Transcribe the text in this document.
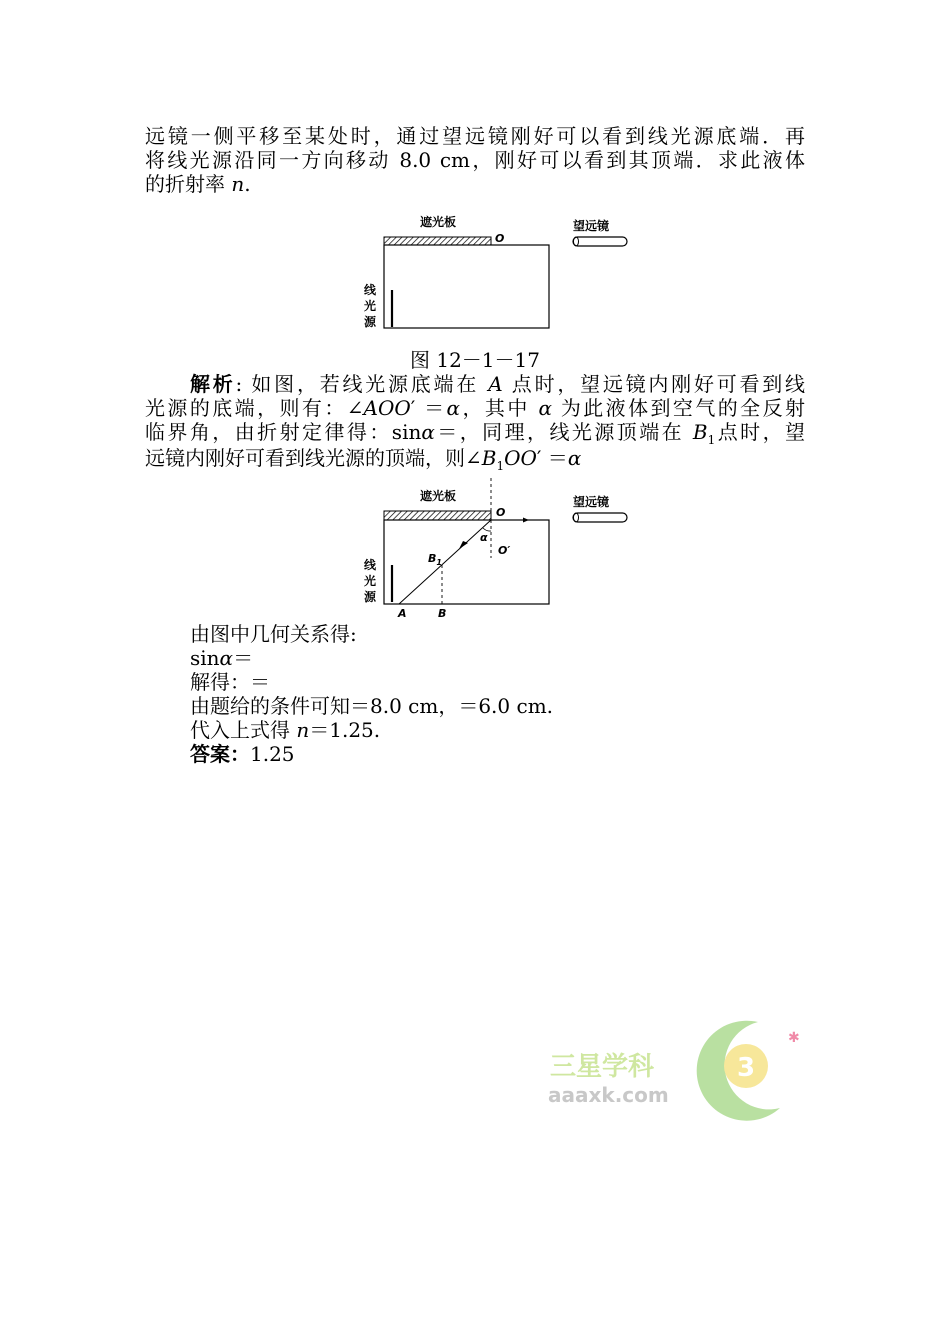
远镜一侧平移至某处时，通过望远镜刚好可以看到线光源底端．再
将线光源沿同一方向移动 8.0 cm，刚好可以看到其顶端．求此液体
的折射率 n.
遮光板
O
望远镜
线
光
源
图 12－1－17
解析: 如图，若线光源底端在 A 点时，望远镜内刚好可看到线
光源的底端，则有：∠AOO′ ＝α，其中 α 为此液体到空气的全反射
临界角，由折射定律得：sinα＝，同理，线光源顶端在 $B_1$点时，望
远镜内刚好可看到线光源的顶端，则$\angle B_1OO' =\alpha$
遮光板
O
α
O′
$B_1$
A	B
望远镜
线
光
源
由图中几何关系得:
sinα＝
解得：＝
由题给的条件可知＝8.0 cm，＝6.0 cm.
代入上式得 n＝1.25.
答案：1.25
三星学科
aaaxk.com
3
✱
